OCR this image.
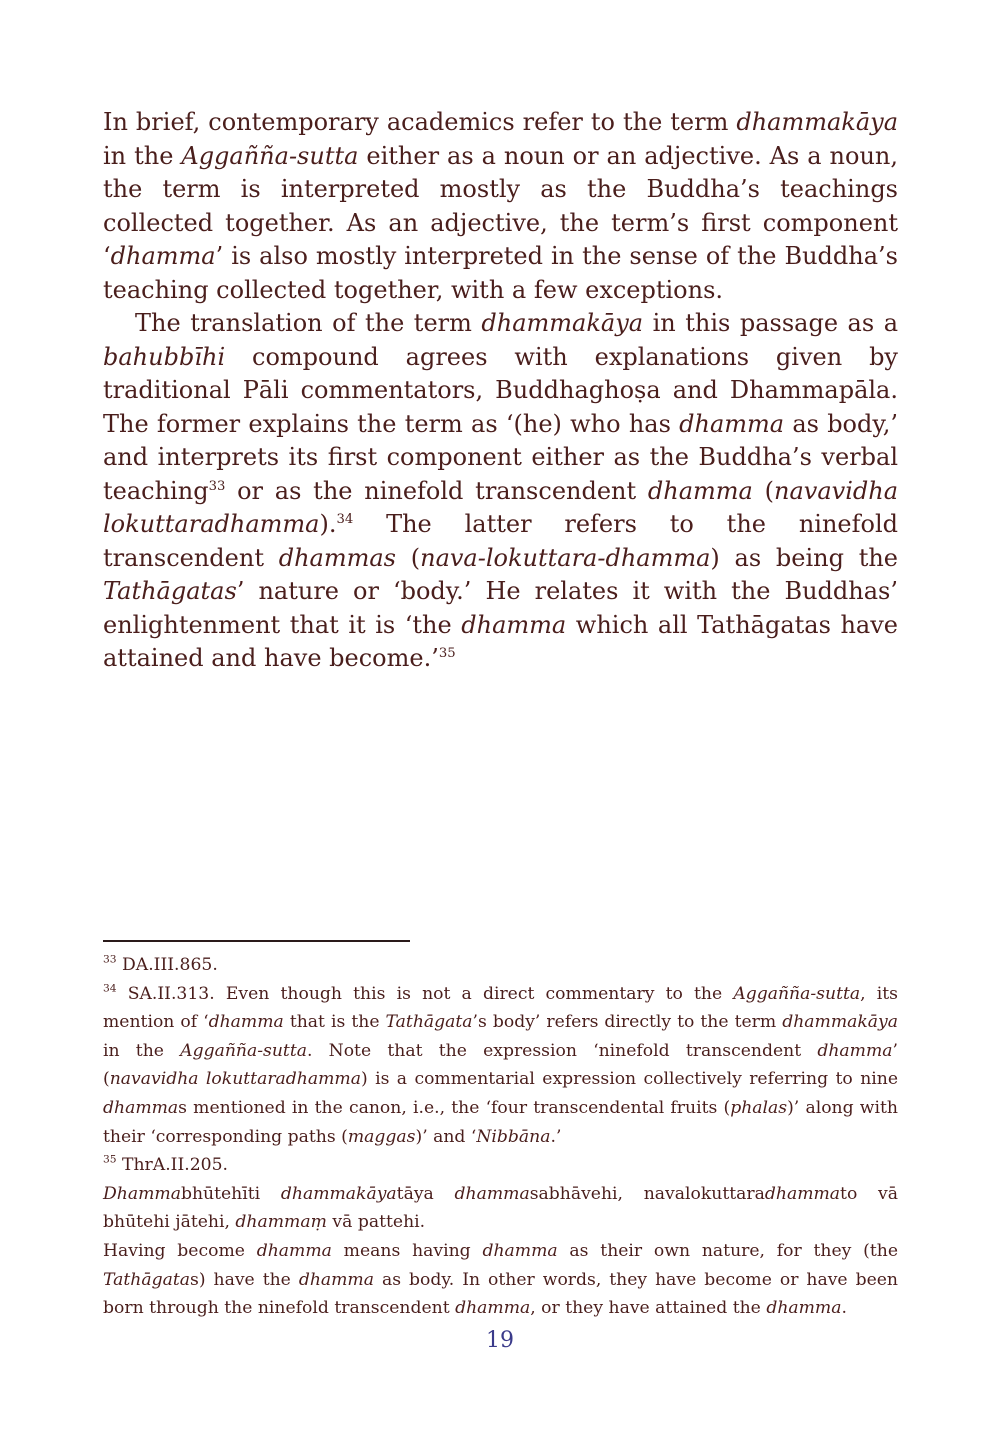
In brief, contemporary academics refer to the term dhammakāya in the Aggañña-sutta either as a noun or an adjective. As a noun, the term is interpreted mostly as the Buddha’s teachings collected together. As an adjective, the term’s first component ‘dhamma’ is also mostly interpreted in the sense of the Buddha’s teaching collected together, with a few exceptions.

The translation of the term dhammakāya in this passage as a bahubbīhi compound agrees with explanations given by traditional Pāli commentators, Buddhaghoṣa and Dhammapāla. The former explains the term as ‘(he) who has dhamma as body,’ and interprets its first component either as the Buddha’s verbal teaching$^{33}$ or as the ninefold transcendent dhamma (navavidha lokuttaradhamma).$^{34}$ The latter refers to the ninefold transcendent dhammas (nava-lokuttara-dhamma) as being the Tathāgatas’ nature or ‘body.’ He relates it with the Buddhas’ enlightenment that it is ‘the dhamma which all Tathāgatas have attained and have become.’$^{35}$

$^{33}$ DA.III.865.

$^{34}$ SA.II.313. Even though this is not a direct commentary to the Aggañña-sutta, its mention of ‘dhamma that is the Tathāgata’s body’ refers directly to the term dhammakāya in the Aggañña-sutta. Note that the expression ‘ninefold transcendent dhamma’ (navavidha lokuttaradhamma) is a commentarial expression collectively referring to nine dhammas mentioned in the canon, i.e., the ‘four transcendental fruits (phalas)’ along with their ‘corresponding paths (maggas)’ and ‘Nibbāna.’

$^{35}$ ThrA.II.205.

Dhammabhūtehīti dhammakāyatāya dhammasabhāvehi, navalokuttaradhammato vā bhūtehi jātehi, dhammaṃ vā pattehi.

Having become dhamma means having dhamma as their own nature, for they (the Tathāgatas) have the dhamma as body. In other words, they have become or have been born through the ninefold transcendent dhamma, or they have attained the dhamma.

19
